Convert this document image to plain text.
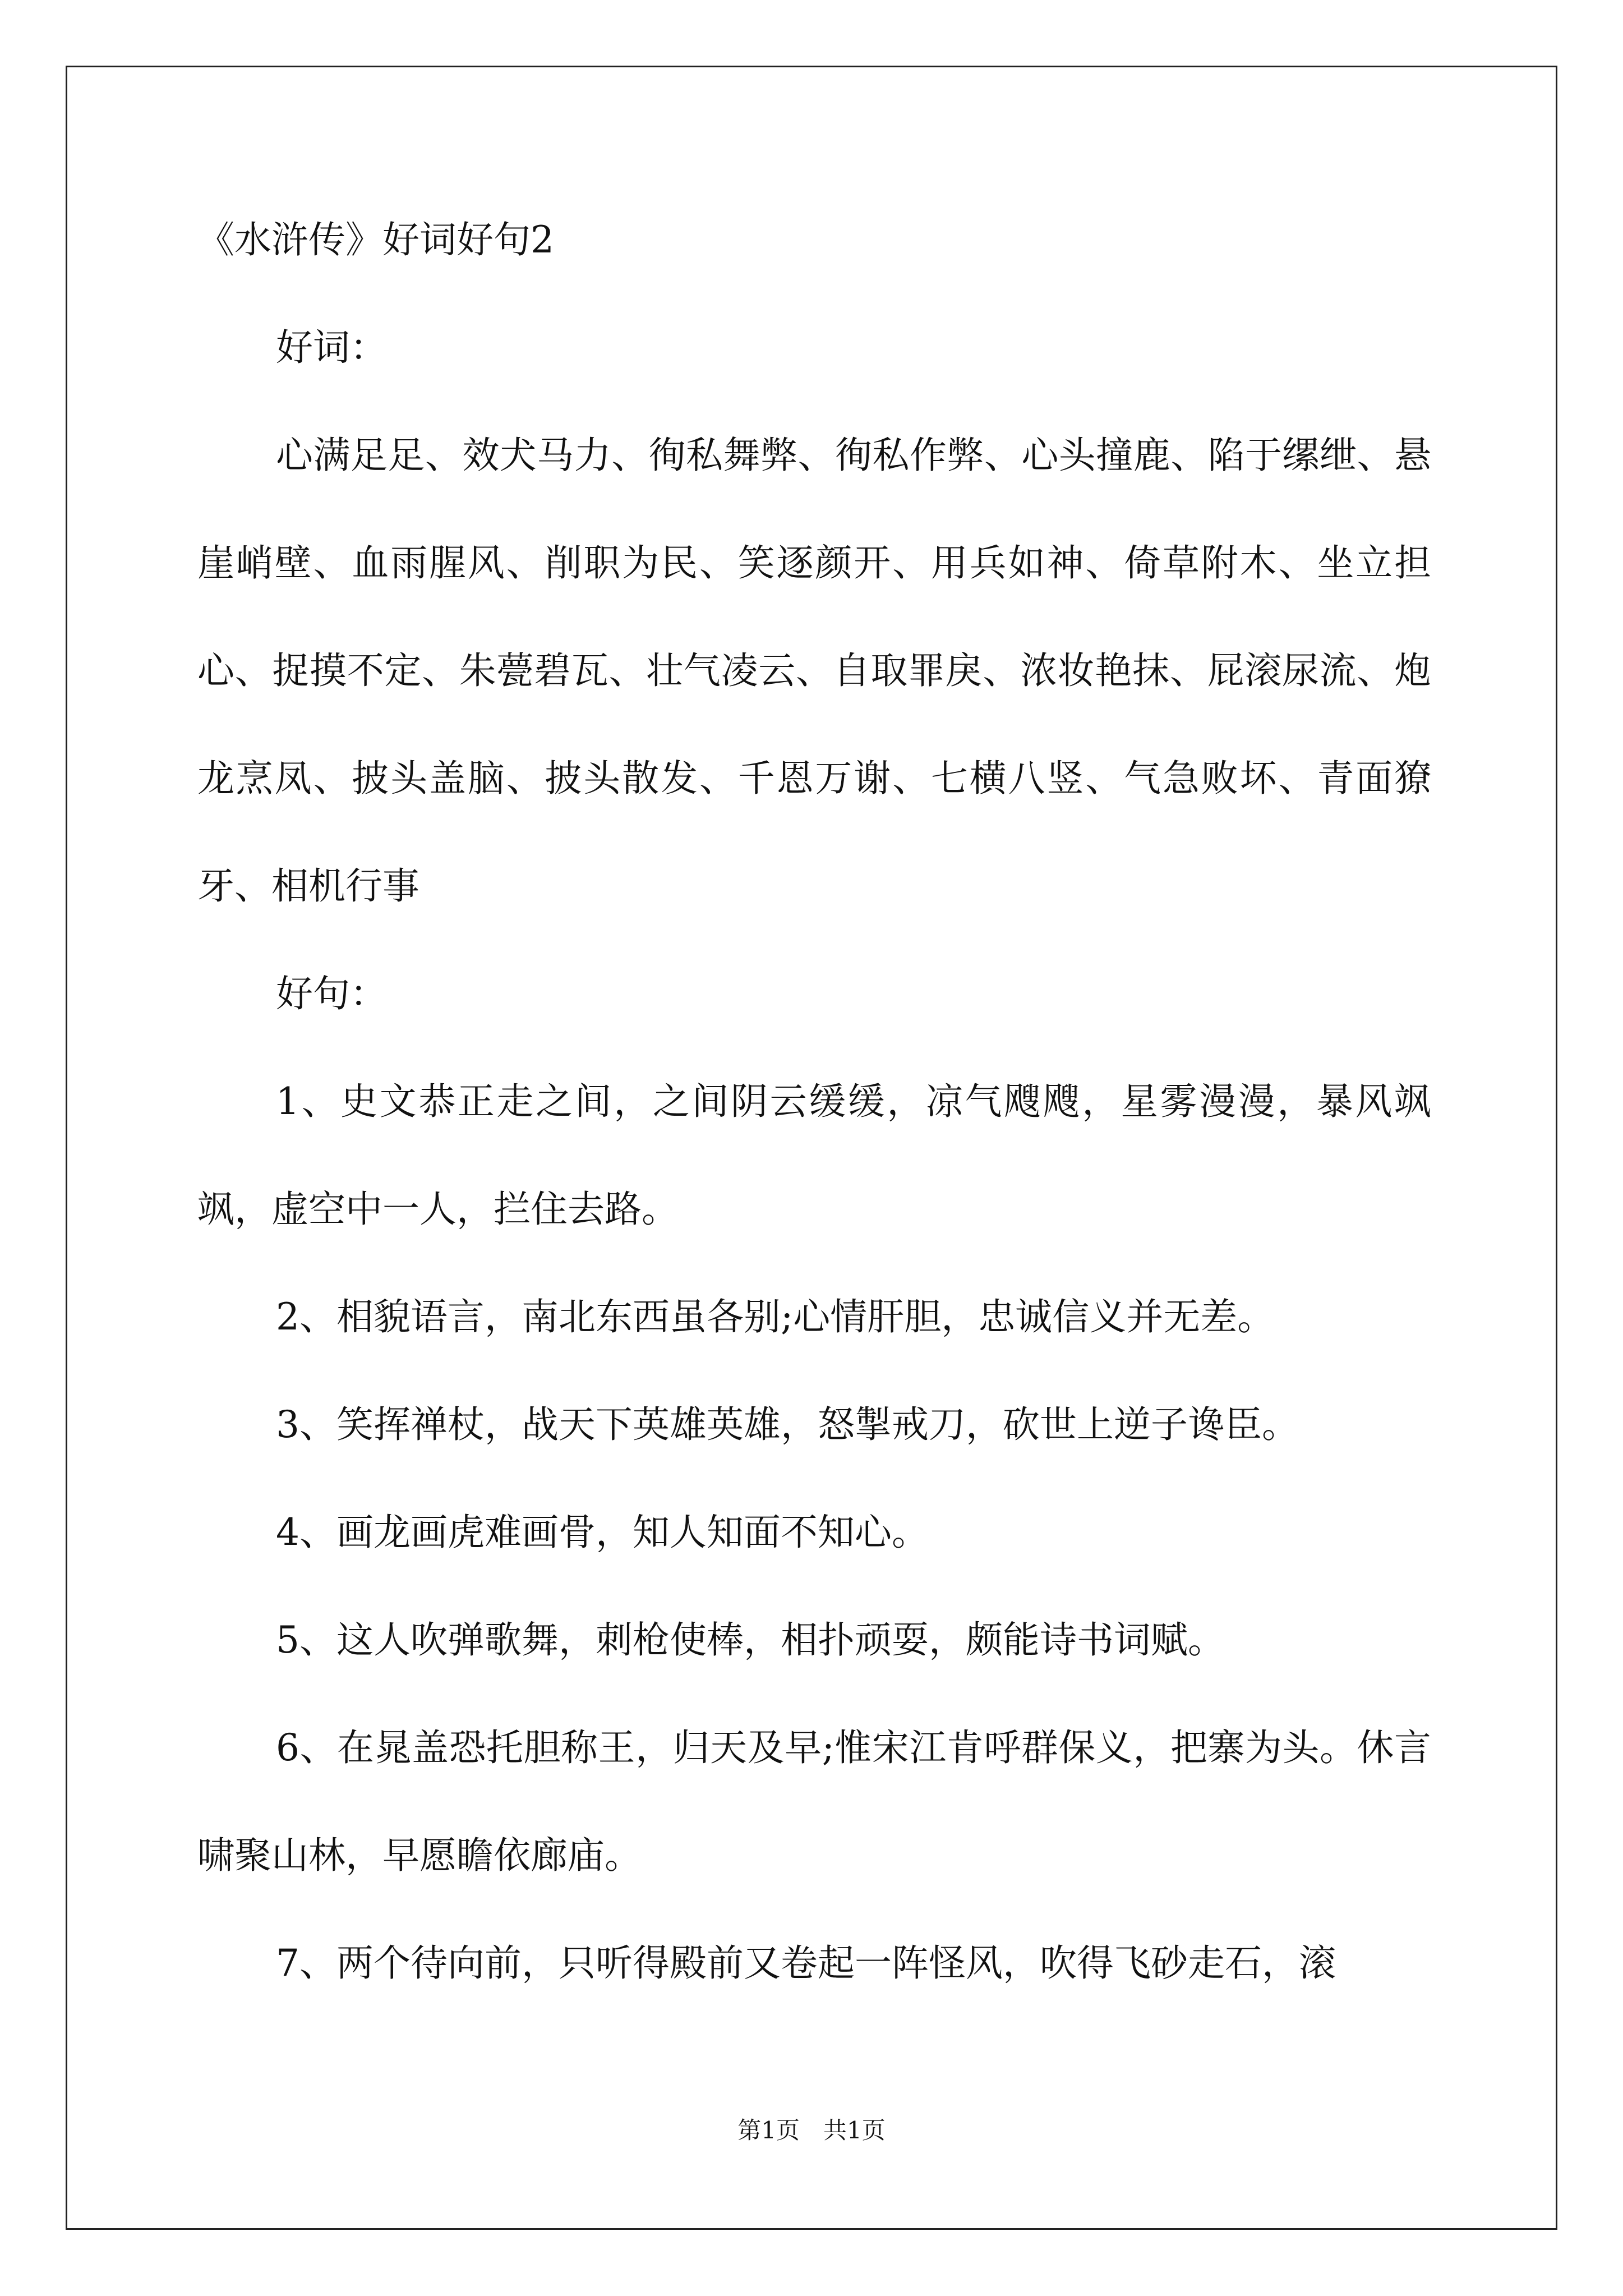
《水浒传》好词好句2
好词：

心满足足、效犬马力、徇私舞弊、徇私作弊、心头撞鹿、陷于缧绁、悬崖峭壁、血雨腥风、削职为民、笑逐颜开、用兵如神、倚草附木、坐立担心、捉摸不定、朱甍碧瓦、壮气凌云、自取罪戾、浓妆艳抹、屁滚尿流、炮龙烹凤、披头盖脑、披头散发、千恩万谢、七横八竖、气急败坏、青面獠牙、相机行事

好句：

1、史文恭正走之间，之间阴云缓缓，凉气飕飕，星雾漫漫，暴风飒飒，虚空中一人，拦住去路。

2、相貌语言，南北东西虽各别;心情肝胆，忠诚信义并无差。

3、笑挥禅杖，战天下英雄英雄，怒掣戒刀，砍世上逆子谗臣。

4、画龙画虎难画骨，知人知面不知心。

5、这人吹弹歌舞，刺枪使棒，相扑顽耍，颇能诗书词赋。

6、在晁盖恐托胆称王，归天及早;惟宋江肯呼群保义，把寨为头。休言啸聚山林，早愿瞻依廊庙。

7、两个待向前，只听得殿前又卷起一阵怪风，吹得飞砂走石，滚

第1页　共1页
